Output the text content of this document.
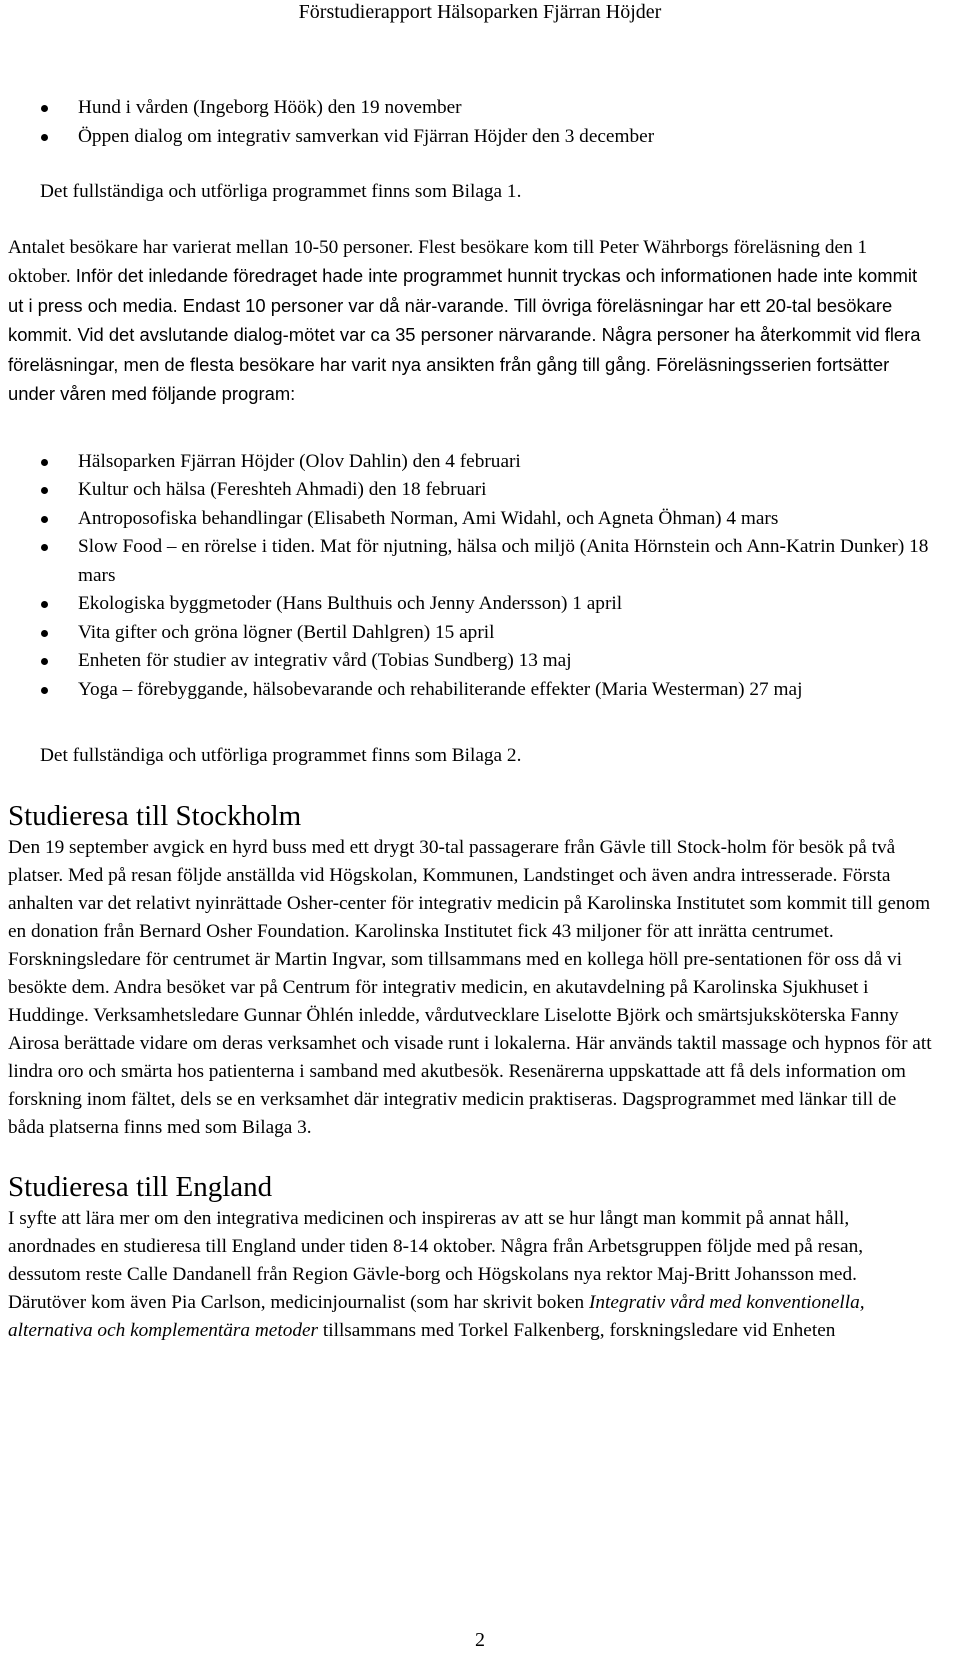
Förstudierapport Hälsoparken Fjärran Höjder
Hund i vården (Ingeborg Höök) den 19 november
Öppen dialog om integrativ samverkan vid Fjärran Höjder den 3 december

Det fullständiga och utförliga programmet finns som Bilaga 1.

Antalet besökare har varierat mellan 10-50 personer. Flest besökare kom till Peter Währborgs föreläsning den 1 oktober. Inför det inledande föredraget hade inte programmet hunnit tryckas och informationen hade inte kommit ut i press och media. Endast 10 personer var då när-varande. Till övriga föreläsningar har ett 20-tal besökare kommit. Vid det avslutande dialog-mötet var ca 35 personer närvarande. Några personer ha återkommit vid flera föreläsningar, men de flesta besökare har varit nya ansikten från gång till gång. Föreläsningsserien fortsätter under våren med följande program:

Hälsoparken Fjärran Höjder (Olov Dahlin) den 4 februari
Kultur och hälsa (Fereshteh Ahmadi) den 18 februari
Antroposofiska behandlingar (Elisabeth Norman, Ami Widahl, och Agneta Öhman) 4 mars
Slow Food – en rörelse i tiden. Mat för njutning, hälsa och miljö (Anita Hörnstein och Ann-Katrin Dunker) 18 mars
Ekologiska byggmetoder (Hans Bulthuis och Jenny Andersson) 1 april
Vita gifter och gröna lögner (Bertil Dahlgren) 15 april
Enheten för studier av integrativ vård (Tobias Sundberg) 13 maj
Yoga – förebyggande, hälsobevarande och rehabiliterande effekter (Maria Westerman) 27 maj

Det fullständiga och utförliga programmet finns som Bilaga 2.

Studieresa till Stockholm

Den 19 september avgick en hyrd buss med ett drygt 30-tal passagerare från Gävle till Stock-holm för besök på två platser. Med på resan följde anställda vid Högskolan, Kommunen, Landstinget och även andra intresserade. Första anhalten var det relativt nyinrättade Osher-center för integrativ medicin på Karolinska Institutet som kommit till genom en donation från Bernard Osher Foundation. Karolinska Institutet fick 43 miljoner för att inrätta centrumet. Forskningsledare för centrumet är Martin Ingvar, som tillsammans med en kollega höll pre-sentationen för oss då vi besökte dem. Andra besöket var på Centrum för integrativ medicin, en akutavdelning på Karolinska Sjukhuset i Huddinge. Verksamhetsledare Gunnar Öhlén inledde, vårdutvecklare Liselotte Björk och smärtsjuksköterska Fanny Airosa berättade vidare om deras verksamhet och visade runt i lokalerna. Här används taktil massage och hypnos för att lindra oro och smärta hos patienterna i samband med akutbesök. Resenärerna uppskattade att få dels information om forskning inom fältet, dels se en verksamhet där integrativ medicin praktiseras. Dagsprogrammet med länkar till de båda platserna finns med som Bilaga 3.

Studieresa till England

I syfte att lära mer om den integrativa medicinen och inspireras av att se hur långt man kommit på annat håll, anordnades en studieresa till England under tiden 8-14 oktober. Några från Arbetsgruppen följde med på resan, dessutom reste Calle Dandanell från Region Gävle-borg och Högskolans nya rektor Maj-Britt Johansson med. Därutöver kom även Pia Carlson, medicinjournalist (som har skrivit boken Integrativ vård med konventionella, alternativa och komplementära metoder tillsammans med Torkel Falkenberg, forskningsledare vid Enheten

2
